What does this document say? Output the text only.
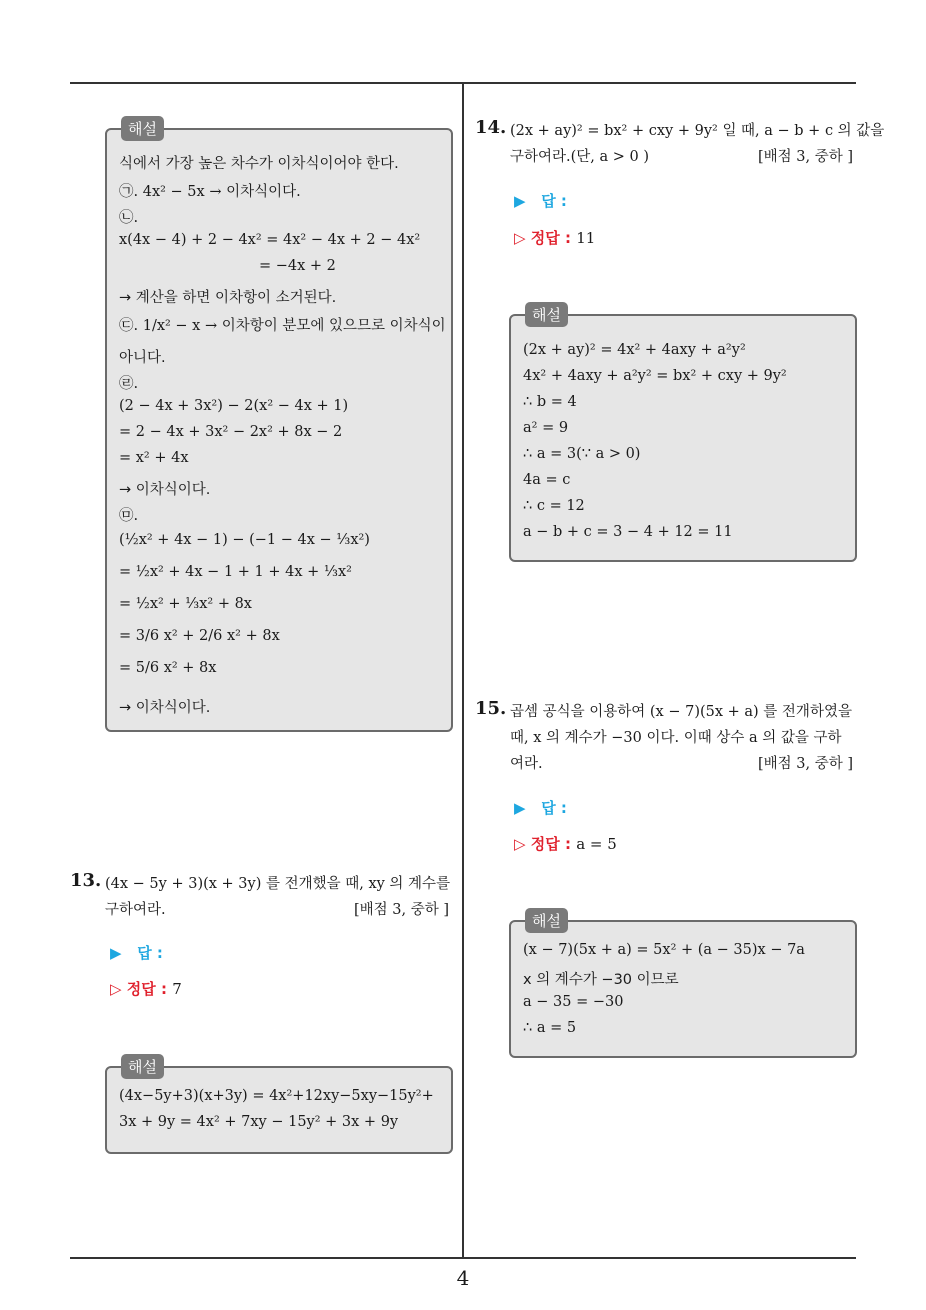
해설
식에서 가장 높은 차수가 이차식이어야 한다.
㉠. 4x² − 5x → 이차식이다.
㉡.
x(4x − 4) + 2 − 4x² = 4x² − 4x + 2 − 4x²
= −4x + 2
→ 계산을 하면 이차항이 소거된다.
㉢. 1/x² − x → 이차항이 분모에 있으므로 이차식이
아니다.
㉣.
(2 − 4x + 3x²) − 2(x² − 4x + 1)
= 2 − 4x + 3x² − 2x² + 8x − 2
= x² + 4x
→ 이차식이다.
㉤.
(½x² + 4x − 1) − (−1 − 4x − ⅓x²)
= ½x² + 4x − 1 + 1 + 4x + ⅓x²
= ½x² + ⅓x² + 8x
= 3/6 x² + 2/6 x² + 8x
= 5/6 x² + 8x
→ 이차식이다.
13. (4x − 5y + 3)(x + 3y) 를 전개했을 때, xy 의 계수를
구하여라.	[배점 3, 중하 ]
▶ 답 :
▷ 정답 : 7
해설
(4x−5y+3)(x+3y) = 4x²+12xy−5xy−15y²+
3x + 9y = 4x² + 7xy − 15y² + 3x + 9y
14. (2x + ay)² = bx² + cxy + 9y² 일 때, a − b + c 의 값을
구하여라.(단, a > 0 )	[배점 3, 중하 ]
▶ 답 :
▷ 정답 : 11
해설
(2x + ay)² = 4x² + 4axy + a²y²
4x² + 4axy + a²y² = bx² + cxy + 9y²
∴ b = 4
a² = 9
∴ a = 3(∵ a > 0)
4a = c
∴ c = 12
a − b + c = 3 − 4 + 12 = 11
15. 곱셈 공식을 이용하여 (x − 7)(5x + a) 를 전개하였을
때, x 의 계수가 −30 이다. 이때 상수 a 의 값을 구하
여라.	[배점 3, 중하 ]
▶ 답 :
▷ 정답 : a = 5
해설
(x − 7)(5x + a) = 5x² + (a − 35)x − 7a
x 의 계수가 −30 이므로
a − 35 = −30
∴ a = 5
4
